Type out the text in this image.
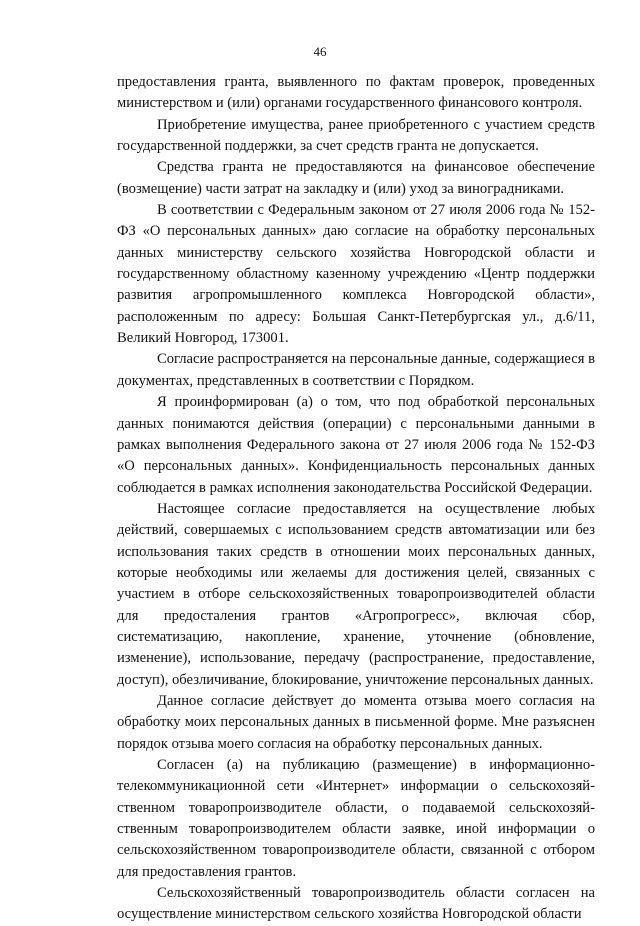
46

предоставления гранта, выявленного по фактам проверок, проведенных министерством и (или) органами государственного финансового контроля.

Приобретение имущества, ранее приобретенного с участием средств государственной поддержки, за счет средств гранта не допускается.

Средства гранта не предоставляются на финансовое обеспечение (возмещение) части затрат на закладку и (или) уход за виноградниками.

В соответствии с Федеральным законом от 27 июля 2006 года № 152-ФЗ «О персональных данных» даю согласие на обработку персональных данных министерству сельского хозяйства Новгородской области и государственному областному казенному учреждению «Центр поддержки развития агропромышленного комплекса Новгородской области», расположенным по адресу: Большая Санкт-Петербургская ул., д.6/11, Великий Новгород, 173001.

Согласие распространяется на персональные данные, содержащиеся в документах, представленных в соответствии с Порядком.

Я проинформирован (а) о том, что под обработкой персональных данных понимаются действия (операции) с персональными данными в рамках выполнения Федерального закона от 27 июля 2006 года № 152-ФЗ «О персональных данных». Конфиденциальность персональных данных соблюдается в рамках исполнения законодательства Российской Федерации.

Настоящее согласие предоставляется на осуществление любых действий, совершаемых с использованием средств автоматизации или без использования таких средств в отношении моих персональных данных, которые необходимы или желаемы для достижения целей, связанных с участием в отборе сельскохозяйственных товаропроизводителей области для предосталения грантов «Агропрогресс», включая сбор, систематизацию, накопление, хранение, уточнение (обновление, изменение), использование, передачу (распространение, предоставление, доступ), обезличивание, блокирование, уничтожение персональных данных.

Данное согласие действует до момента отзыва моего согласия на обработку моих персональных данных в письменной форме. Мне разъяснен порядок отзыва моего согласия на обработку персональных данных.

Согласен (а) на публикацию (размещение) в информационно-телекоммуникационной сети «Интернет» информации о сельскохозяйственном товаропроизводителе области, о подаваемой сельскохозяйственным товаропроизводителем области заявке, иной информации о сельскохозяйственном товаропроизводителе области, связанной с отбором для предоставления грантов.

Сельскохозяйственный товаропроизводитель области согласен на осуществление министерством сельского хозяйства Новгородской области
